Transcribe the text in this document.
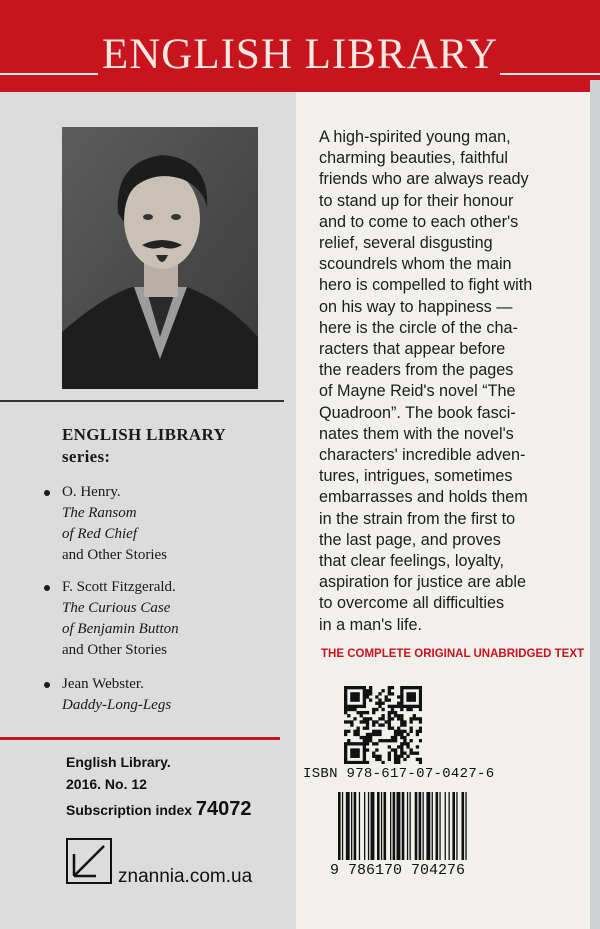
ENGLISH LIBRARY
ENGLISH LIBRARY
series:
O. Henry.
The Ransom
of Red Chief
and Other Stories
F. Scott Fitzgerald.
The Curious Case
of Benjamin Button
and Other Stories
Jean Webster.
Daddy-Long-Legs
English Library.
2016. No. 12
Subscription index 74072
znannia.com.ua
A high-spirited young man,
charming beauties, faithful
friends who are always ready
to stand up for their honour
and to come to each other's
relief, several disgusting
scoundrels whom the main
hero is compelled to fight with
on his way to happiness —
here is the circle of the cha-
racters that appear before
the readers from the pages
of Mayne Reid's novel “The
Quadroon”. The book fasci-
nates them with the novel's
characters' incredible adven-
tures, intrigues, sometimes
embarrasses and holds them
in the strain from the first to
the last page, and proves
that clear feelings, loyalty,
aspiration for justice are able
to overcome all difficulties
in a man's life.
THE COMPLETE ORIGINAL UNABRIDGED TEXT
ISBN 978-617-07-0427-6
9 786170 704276
